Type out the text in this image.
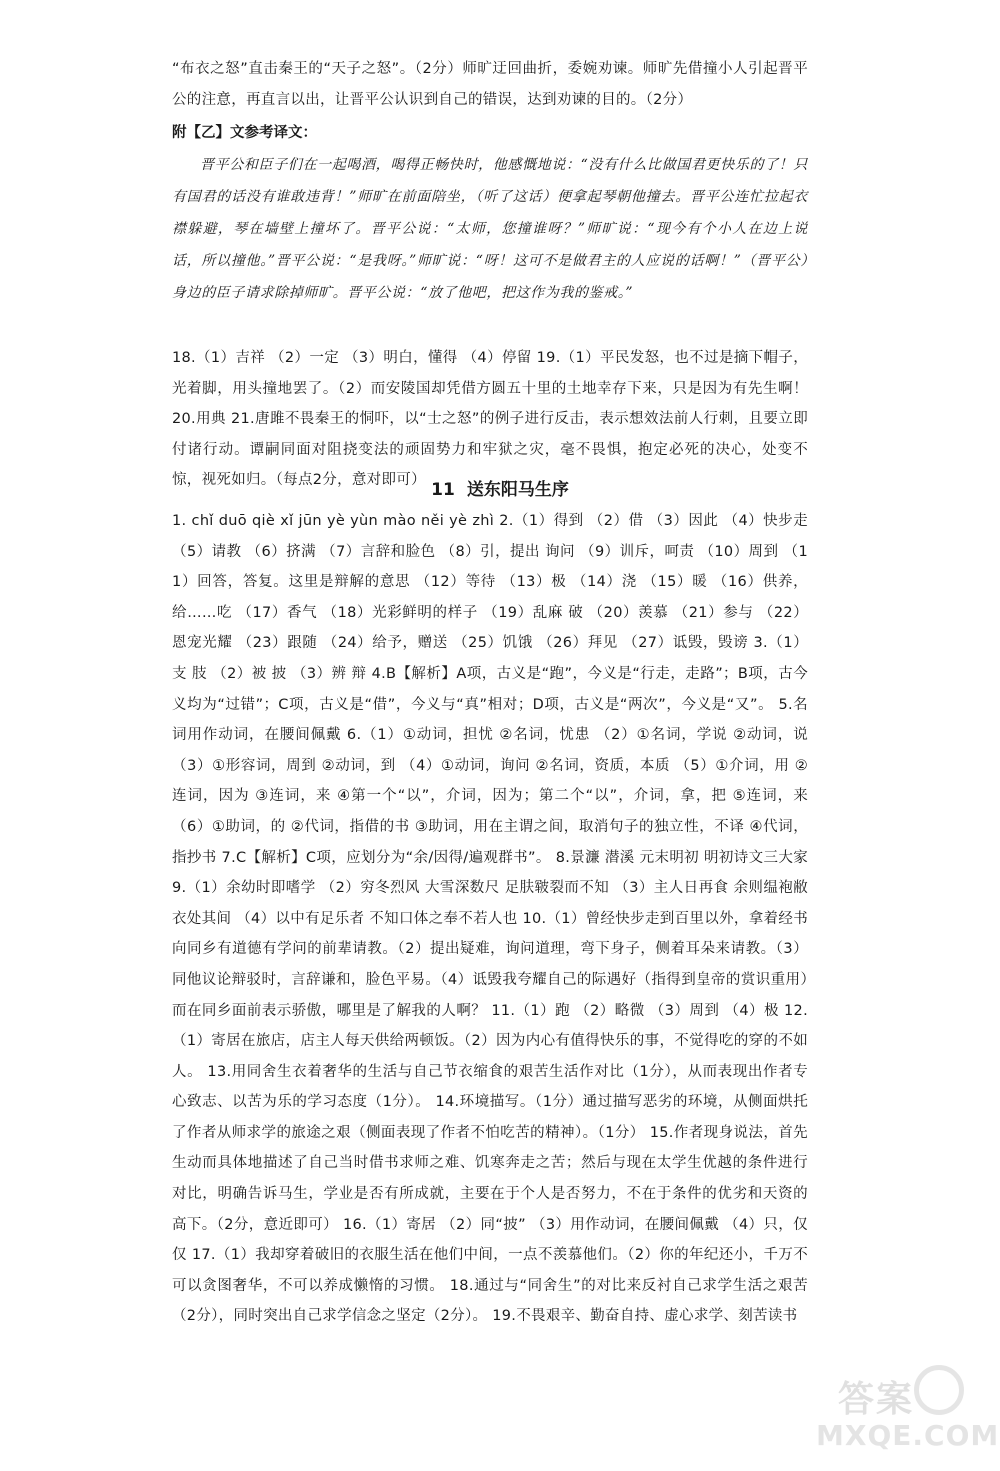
“布衣之怒”直击秦王的“天子之怒”。（2分）师旷迂回曲折，委婉劝谏。师旷先借撞小人引起晋平公的注意，再直言以出，让晋平公认识到自己的错误，达到劝谏的目的。（2分）

附【乙】文参考译文：

晋平公和臣子们在一起喝酒，喝得正畅快时，他感慨地说：“没有什么比做国君更快乐的了！只有国君的话没有谁敢违背！”师旷在前面陪坐，（听了这话）便拿起琴朝他撞去。晋平公连忙拉起衣襟躲避，琴在墙壁上撞坏了。晋平公说：“太师，您撞谁呀？”师旷说：“现今有个小人在边上说话，所以撞他。”晋平公说：“是我呀。”师旷说：“呀！这可不是做君主的人应说的话啊！”（晋平公）身边的臣子请求除掉师旷。晋平公说：“放了他吧，把这作为我的鉴戒。”

18.（1）吉祥 （2）一定 （3）明白，懂得 （4）停留 19.（1）平民发怒，也不过是摘下帽子，光着脚，用头撞地罢了。（2）而安陵国却凭借方圆五十里的土地幸存下来，只是因为有先生啊！ 20.用典 21.唐雎不畏秦王的恫吓，以“士之怒”的例子进行反击，表示想效法前人行刺，且要立即付诸行动。谭嗣同面对阻挠变法的顽固势力和牢狱之灾，毫不畏惧，抱定必死的决心，处变不惊，视死如归。（每点2分，意对即可） 11 送东阳马生序

1. chǐ duō qiè xǐ jūn yè yùn mào něi yè zhì 2.（1）得到 （2）借 （3）因此 （4）快步走 （5）请教 （6）挤满 （7）言辞和脸色 （8）引，提出 询问 （9）训斥，呵责 （10）周到 （11）回答，答复。这里是辩解的意思 （12）等待 （13）极 （14）浇 （15）暖 （16）供养，给……吃 （17）香气 （18）光彩鲜明的样子 （19）乱麻 破 （20）羡慕 （21）参与 （22）恩宠光耀 （23）跟随 （24）给予，赠送 （25）饥饿 （26）拜见 （27）诋毁，毁谤 3.（1）支 肢 （2）被 披 （3）辨 辩 4.B【解析】A项，古义是“跑”，今义是“行走，走路”；B项，古今义均为“过错”；C项，古义是“借”，今义与“真”相对；D项，古义是“两次”，今义是“又”。 5.名词用作动词，在腰间佩戴 6.（1）①动词，担忧 ②名词，忧患 （2）①名词，学说 ②动词，说 （3）①形容词，周到 ②动词，到 （4）①动词，询问 ②名词，资质，本质 （5）①介词，用 ②连词，因为 ③连词，来 ④第一个“以”，介词，因为；第二个“以”，介词，拿，把 ⑤连词，来 （6）①助词，的 ②代词，指借的书 ③助词，用在主谓之间，取消句子的独立性，不译 ④代词，指抄书 7.C【解析】C项，应划分为“余/因得/遍观群书”。 8.景濂 潜溪 元末明初 明初诗文三大家 9.（1）余幼时即嗜学 （2）穷冬烈风 大雪深数尺 足肤皲裂而不知 （3）主人日再食 余则缊袍敝衣处其间 （4）以中有足乐者 不知口体之奉不若人也 10.（1）曾经快步走到百里以外，拿着经书向同乡有道德有学问的前辈请教。（2）提出疑难，询问道理，弯下身子，侧着耳朵来请教。（3）同他议论辩驳时，言辞谦和，脸色平易。（4）诋毁我夸耀自己的际遇好（指得到皇帝的赏识重用）而在同乡面前表示骄傲，哪里是了解我的人啊？ 11.（1）跑 （2）略微 （3）周到 （4）极 12.（1）寄居在旅店，店主人每天供给两顿饭。（2）因为内心有值得快乐的事，不觉得吃的穿的不如人。 13.用同舍生衣着奢华的生活与自己节衣缩食的艰苦生活作对比（1分），从而表现出作者专心致志、以苦为乐的学习态度（1分）。 14.环境描写。（1分）通过描写恶劣的环境，从侧面烘托了作者从师求学的旅途之艰（侧面表现了作者不怕吃苦的精神）。（1分） 15.作者现身说法，首先生动而具体地描述了自己当时借书求师之难、饥寒奔走之苦；然后与现在太学生优越的条件进行对比，明确告诉马生，学业是否有所成就，主要在于个人是否努力，不在于条件的优劣和天资的高下。（2分，意近即可） 16.（1）寄居 （2）同“披” （3）用作动词，在腰间佩戴 （4）只，仅仅 17.（1）我却穿着破旧的衣服生活在他们中间，一点不羡慕他们。（2）你的年纪还小，千万不可以贪图奢华，不可以养成懒惰的习惯。 18.通过与“同舍生”的对比来反衬自己求学生活之艰苦（2分），同时突出自己求学信念之坚定（2分）。 19.不畏艰辛、勤奋自持、虚心求学、刻苦读书

答案
MXQE.COM
